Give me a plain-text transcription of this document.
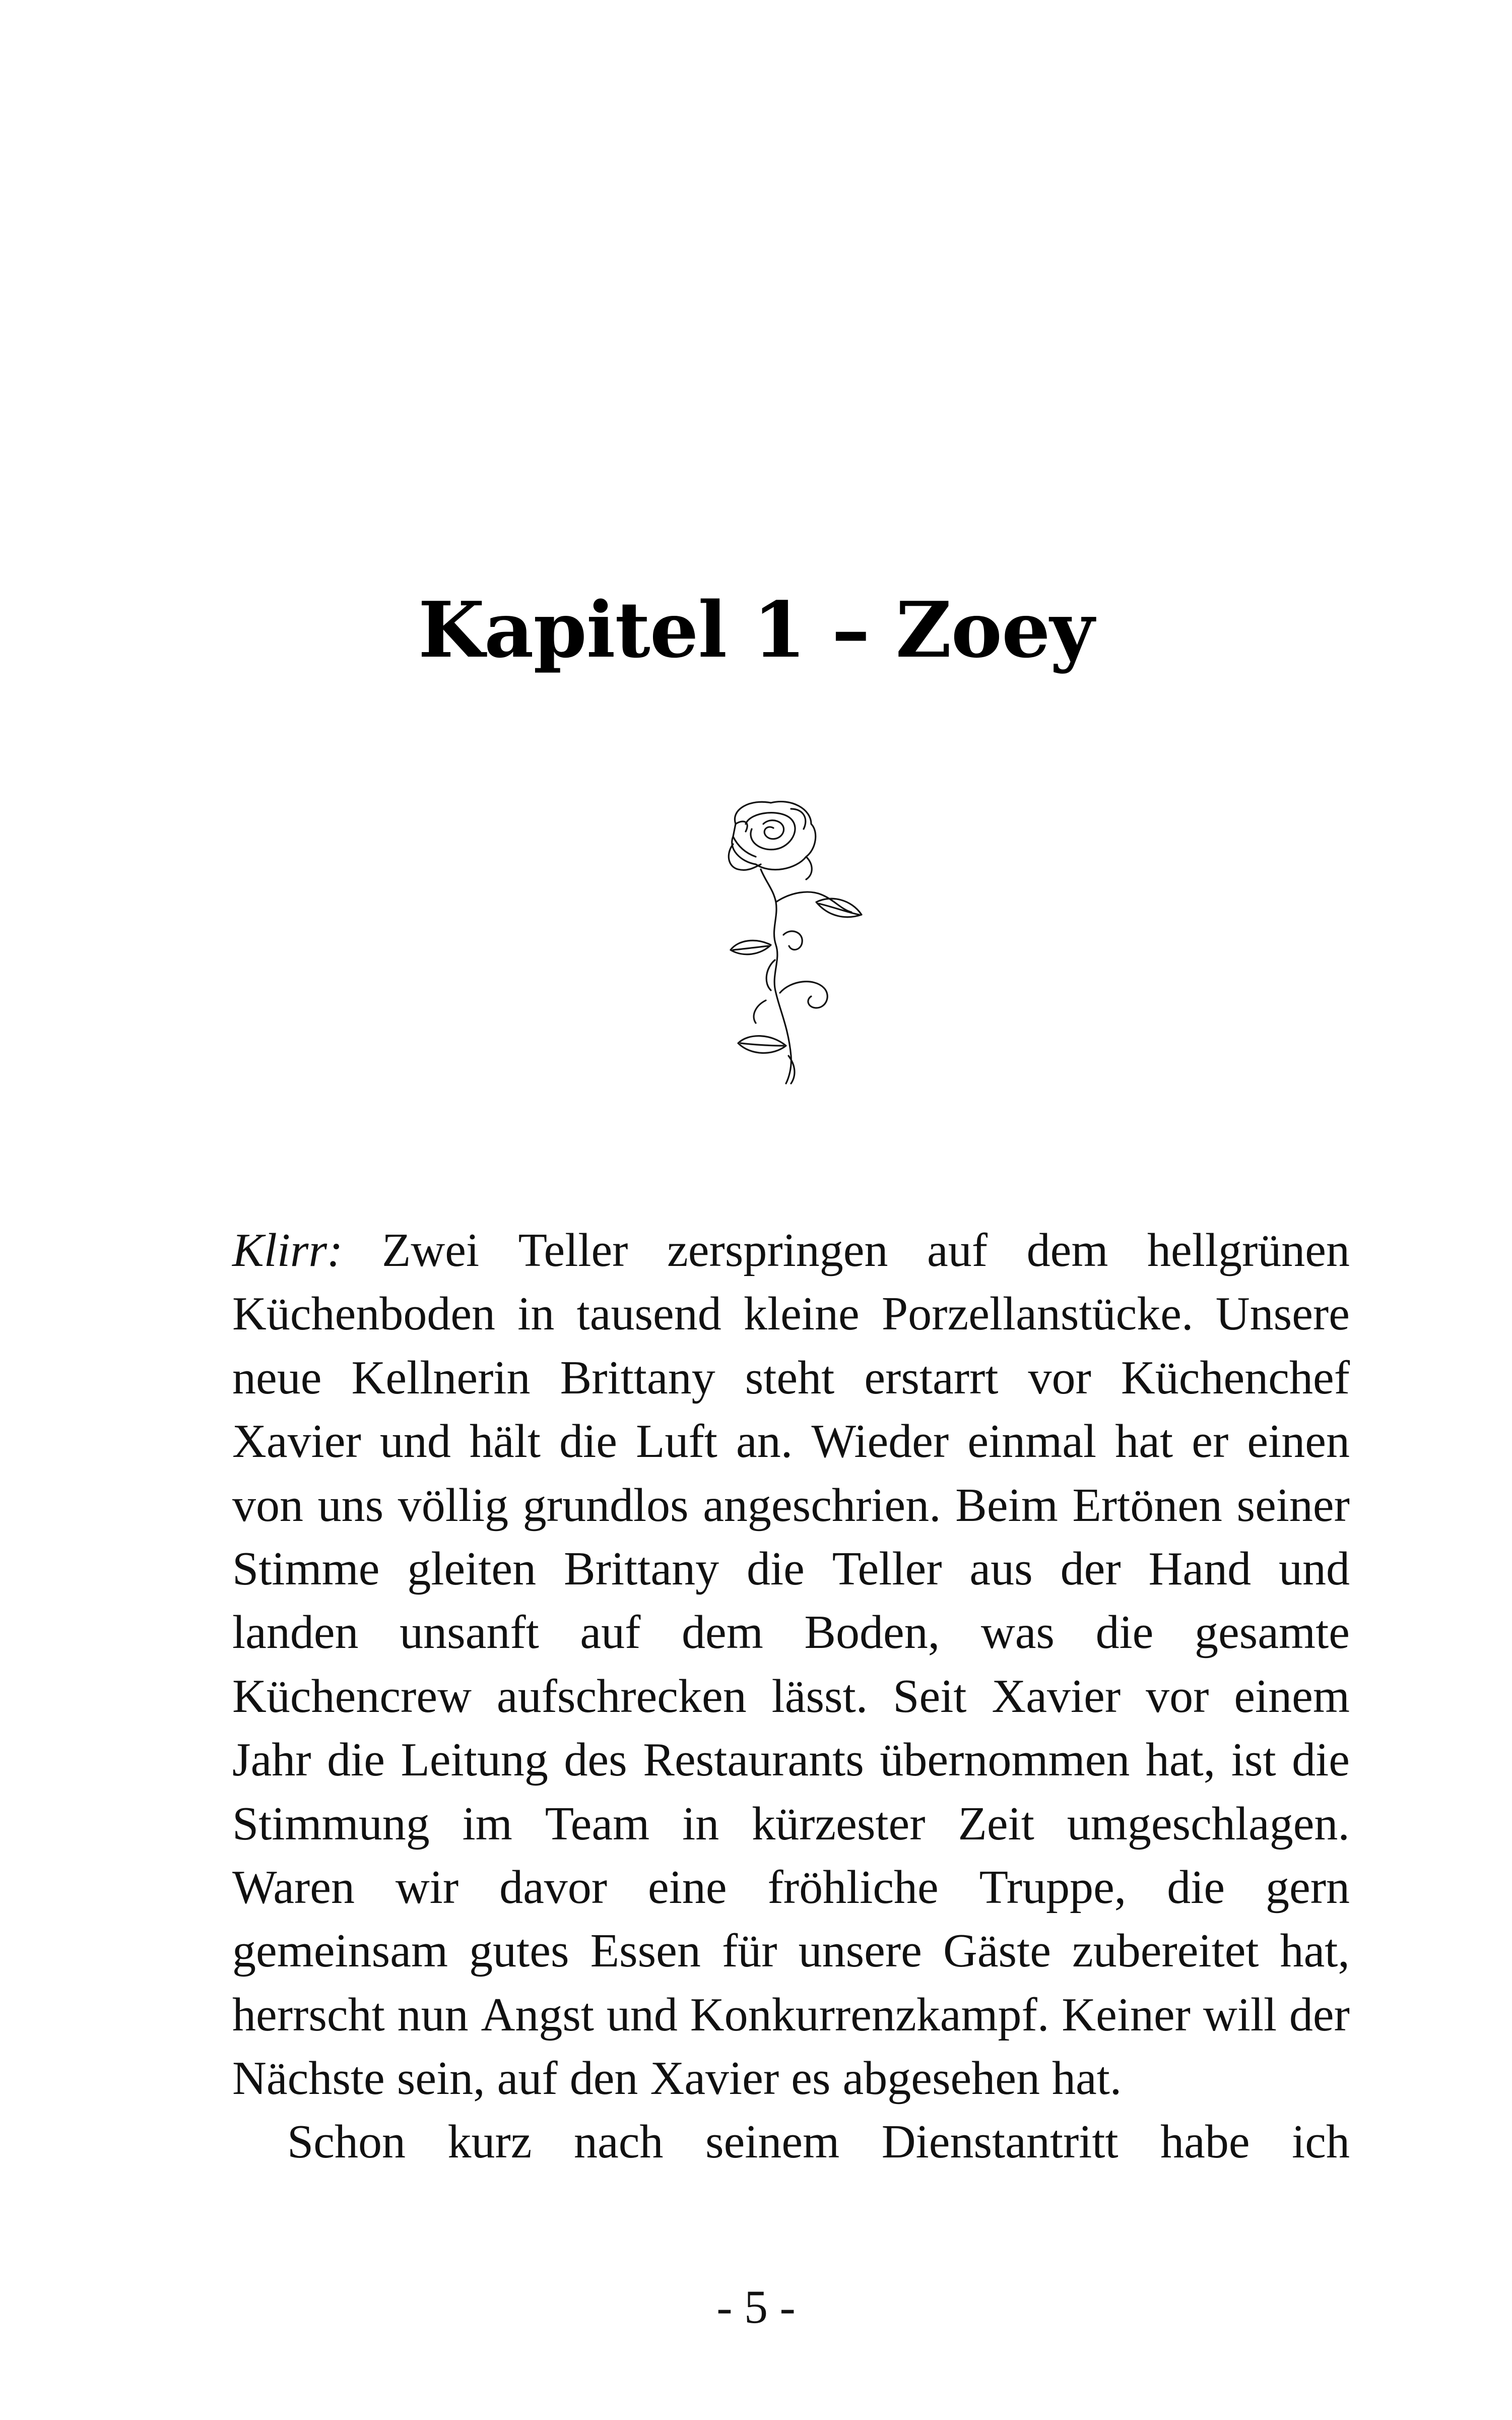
Kapitel 1 – Zoey
Klirr: Zwei Teller zerspringen auf dem hellgrünen
Küchenboden in tausend kleine Porzellanstücke. Unsere
neue Kellnerin Brittany steht erstarrt vor Küchenchef
Xavier und hält die Luft an. Wieder einmal hat er einen
von uns völlig grundlos angeschrien. Beim Ertönen seiner
Stimme gleiten Brittany die Teller aus der Hand und
landen unsanft auf dem Boden, was die gesamte
Küchencrew aufschrecken lässt. Seit Xavier vor einem
Jahr die Leitung des Restaurants übernommen hat, ist die
Stimmung im Team in kürzester Zeit umgeschlagen.
Waren wir davor eine fröhliche Truppe, die gern
gemeinsam gutes Essen für unsere Gäste zubereitet hat,
herrscht nun Angst und Konkurrenzkampf. Keiner will der
Nächste sein, auf den Xavier es abgesehen hat.
Schon kurz nach seinem Dienstantritt habe ich
- 5 -
